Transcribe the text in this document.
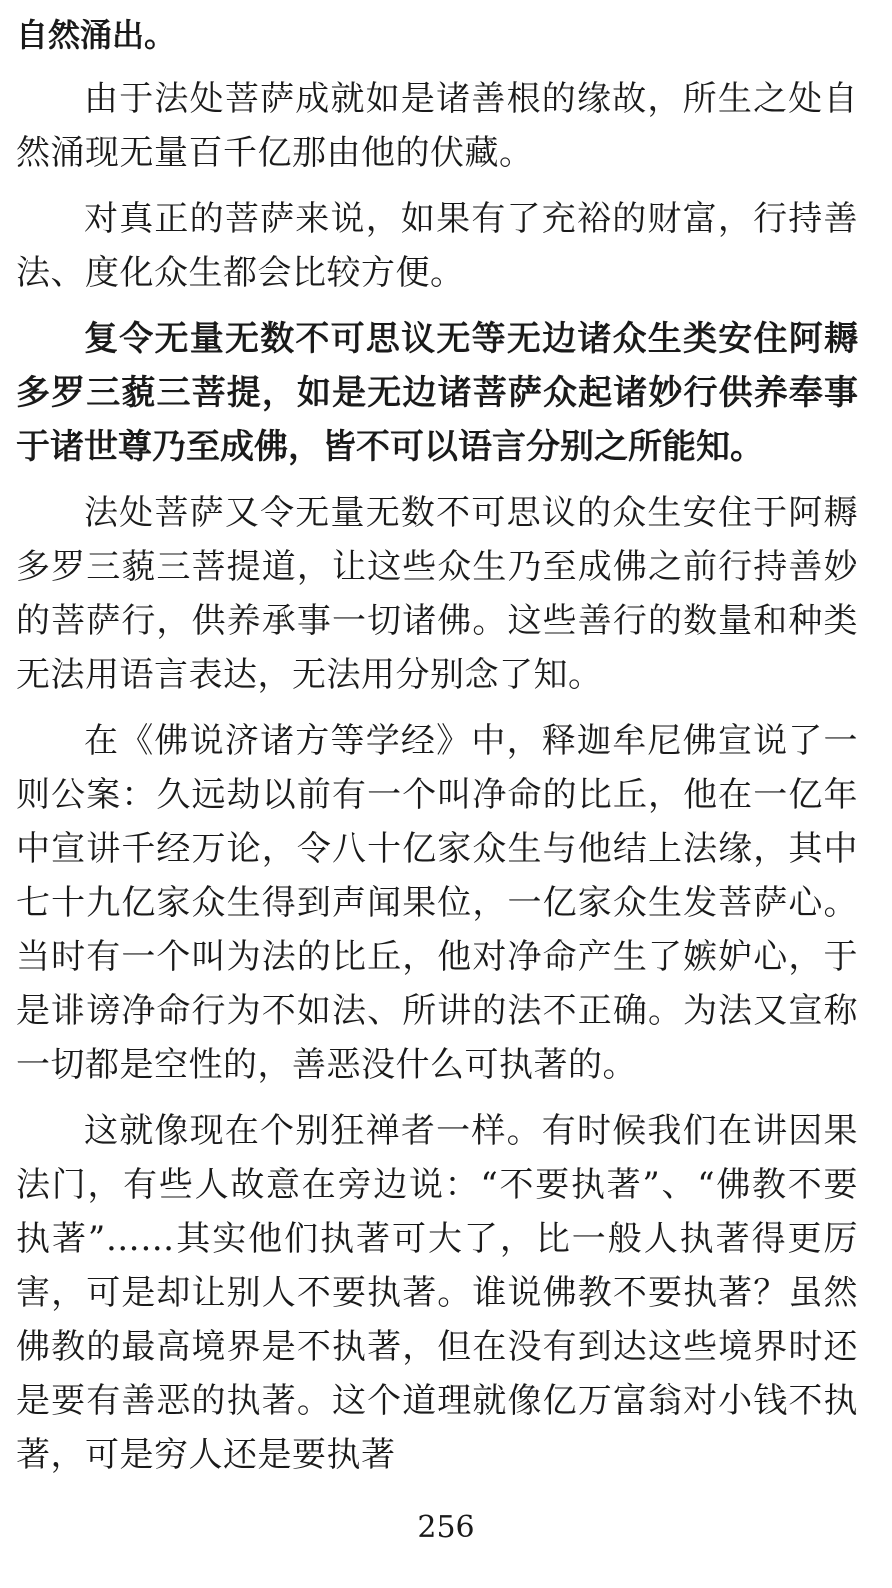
自然涌出。

由于法处菩萨成就如是诸善根的缘故，所生之处自然涌现无量百千亿那由他的伏藏。

对真正的菩萨来说，如果有了充裕的财富，行持善法、度化众生都会比较方便。

复令无量无数不可思议无等无边诸众生类安住阿耨多罗三藐三菩提，如是无边诸菩萨众起诸妙行供养奉事于诸世尊乃至成佛，皆不可以语言分别之所能知。

法处菩萨又令无量无数不可思议的众生安住于阿耨多罗三藐三菩提道，让这些众生乃至成佛之前行持善妙的菩萨行，供养承事一切诸佛。这些善行的数量和种类无法用语言表达，无法用分别念了知。

在《佛说济诸方等学经》中，释迦牟尼佛宣说了一则公案：久远劫以前有一个叫净命的比丘，他在一亿年中宣讲千经万论，令八十亿家众生与他结上法缘，其中七十九亿家众生得到声闻果位，一亿家众生发菩萨心。当时有一个叫为法的比丘，他对净命产生了嫉妒心，于是诽谤净命行为不如法、所讲的法不正确。为法又宣称一切都是空性的，善恶没什么可执著的。

这就像现在个别狂禅者一样。有时候我们在讲因果法门，有些人故意在旁边说：“不要执著”、“佛教不要执著”……其实他们执著可大了，比一般人执著得更厉害，可是却让别人不要执著。谁说佛教不要执著？虽然佛教的最高境界是不执著，但在没有到达这些境界时还是要有善恶的执著。这个道理就像亿万富翁对小钱不执著，可是穷人还是要执著

256
